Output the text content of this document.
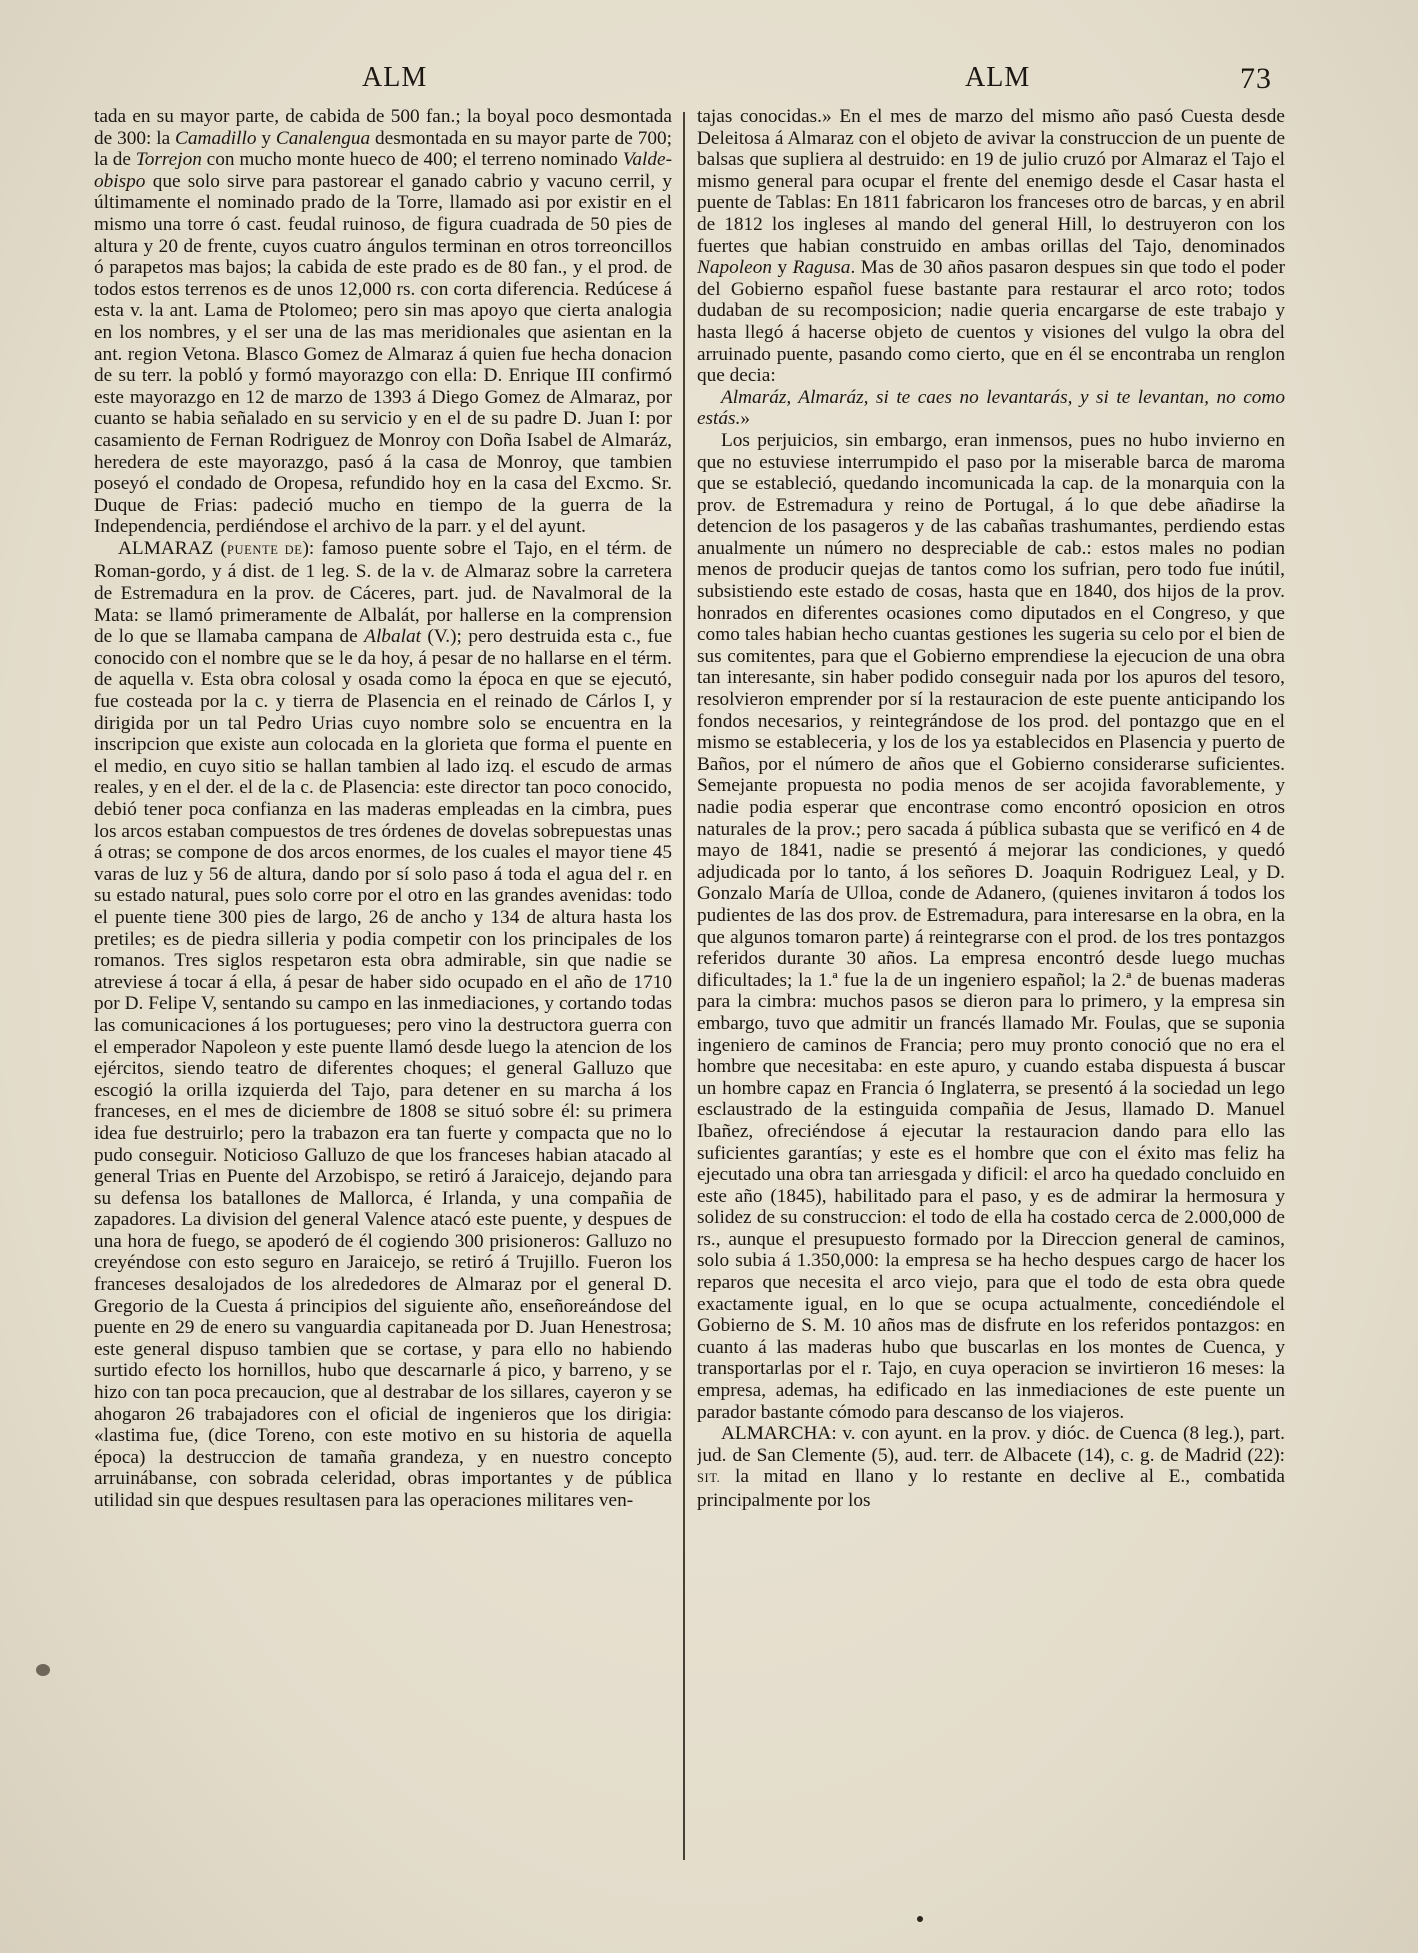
ALM	ALM	73

tada en su mayor parte, de cabida de 500 fan.; la boyal poco desmontada de 300: la Camadillo y Canalengua desmontada en su mayor parte de 700; la de Torrejon con mucho monte hueco de 400; el terreno nominado Valde-obispo que solo sirve para pastorear el ganado cabrio y vacuno cerril, y últimamente el nominado prado de la Torre, llamado asi por existir en el mismo una torre ó cast. feudal ruinoso, de figura cuadrada de 50 pies de altura y 20 de frente, cuyos cuatro ángulos terminan en otros torreoncillos ó parapetos mas bajos; la cabida de este prado es de 80 fan., y el prod. de todos estos terrenos es de unos 12,000 rs. con corta diferencia. Redúcese á esta v. la ant. Lama de Ptolomeo; pero sin mas apoyo que cierta analogia en los nombres, y el ser una de las mas meridionales que asientan en la ant. region Vetona. Blasco Gomez de Almaraz á quien fue hecha donacion de su terr. la pobló y formó mayorazgo con ella: D. Enrique III confirmó este mayorazgo en 12 de marzo de 1393 á Diego Gomez de Almaraz, por cuanto se habia señalado en su servicio y en el de su padre D. Juan I: por casamiento de Fernan Rodriguez de Monroy con Doña Isabel de Almaráz, heredera de este mayorazgo, pasó á la casa de Monroy, que tambien poseyó el condado de Oropesa, refundido hoy en la casa del Excmo. Sr. Duque de Frias: padeció mucho en tiempo de la guerra de la Independencia, perdiéndose el archivo de la parr. y el del ayunt.

ALMARAZ (PUENTE DE): famoso puente sobre el Tajo, en el térm. de Roman-gordo, y á dist. de 1 leg. S. de la v. de Almaraz sobre la carretera de Estremadura en la prov. de Cáceres, part. jud. de Navalmoral de la Mata: se llamó primeramente de Albalát, por hallerse en la comprension de lo que se llamaba campana de Albalat (V.); pero destruida esta c., fue conocido con el nombre que se le da hoy, á pesar de no hallarse en el térm. de aquella v. Esta obra colosal y osada como la época en que se ejecutó, fue costeada por la c. y tierra de Plasencia en el reinado de Cárlos I, y dirigida por un tal Pedro Urias cuyo nombre solo se encuentra en la inscripcion que existe aun colocada en la glorieta que forma el puente en el medio, en cuyo sitio se hallan tambien al lado izq. el escudo de armas reales, y en el der. el de la c. de Plasencia: este director tan poco conocido, debió tener poca confianza en las maderas empleadas en la cimbra, pues los arcos estaban compuestos de tres órdenes de dovelas sobrepuestas unas á otras; se compone de dos arcos enormes, de los cuales el mayor tiene 45 varas de luz y 56 de altura, dando por sí solo paso á toda el agua del r. en su estado natural, pues solo corre por el otro en las grandes avenidas: todo el puente tiene 300 pies de largo, 26 de ancho y 134 de altura hasta los pretiles; es de piedra silleria y podia competir con los principales de los romanos. Tres siglos respetaron esta obra admirable, sin que nadie se atreviese á tocar á ella, á pesar de haber sido ocupado en el año de 1710 por D. Felipe V, sentando su campo en las inmediaciones, y cortando todas las comunicaciones á los portugueses; pero vino la destructora guerra con el emperador Napoleon y este puente llamó desde luego la atencion de los ejércitos, siendo teatro de diferentes choques; el general Galluzo que escogió la orilla izquierda del Tajo, para detener en su marcha á los franceses, en el mes de diciembre de 1808 se situó sobre él: su primera idea fue destruirlo; pero la trabazon era tan fuerte y compacta que no lo pudo conseguir. Noticioso Galluzo de que los franceses habian atacado al general Trias en Puente del Arzobispo, se retiró á Jaraicejo, dejando para su defensa los batallones de Mallorca, é Irlanda, y una compañia de zapadores. La division del general Valence atacó este puente, y despues de una hora de fuego, se apoderó de él cogiendo 300 prisioneros: Galluzo no creyéndose con esto seguro en Jaraicejo, se retiró á Trujillo. Fueron los franceses desalojados de los alrededores de Almaraz por el general D. Gregorio de la Cuesta á principios del siguiente año, enseñoreándose del puente en 29 de enero su vanguardia capitaneada por D. Juan Henestrosa; este general dispuso tambien que se cortase, y para ello no habiendo surtido efecto los hornillos, hubo que descarnarle á pico, y barreno, y se hizo con tan poca precaucion, que al destrabar de los sillares, cayeron y se ahogaron 26 trabajadores con el oficial de ingenieros que los dirigia: «lastima fue, (dice Toreno, con este motivo en su historia de aquella época) la destruccion de tamaña grandeza, y en nuestro concepto arruinábanse, con sobrada celeridad, obras importantes y de pública utilidad sin que despues resultasen para las operaciones militares ven-

tajas conocidas.» En el mes de marzo del mismo año pasó Cuesta desde Deleitosa á Almaraz con el objeto de avivar la construccion de un puente de balsas que supliera al destruido: en 19 de julio cruzó por Almaraz el Tajo el mismo general para ocupar el frente del enemigo desde el Casar hasta el puente de Tablas: En 1811 fabricaron los franceses otro de barcas, y en abril de 1812 los ingleses al mando del general Hill, lo destruyeron con los fuertes que habian construido en ambas orillas del Tajo, denominados Napoleon y Ragusa. Mas de 30 años pasaron despues sin que todo el poder del Gobierno español fuese bastante para restaurar el arco roto; todos dudaban de su recomposicion; nadie queria encargarse de este trabajo y hasta llegó á hacerse objeto de cuentos y visiones del vulgo la obra del arruinado puente, pasando como cierto, que en él se encontraba un renglon que decia:

Almaráz, Almaráz, si te caes no levantarás, y si te levantan, no como estás.»

Los perjuicios, sin embargo, eran inmensos, pues no hubo invierno en que no estuviese interrumpido el paso por la miserable barca de maroma que se estableció, quedando incomunicada la cap. de la monarquia con la prov. de Estremadura y reino de Portugal, á lo que debe añadirse la detencion de los pasageros y de las cabañas trashumantes, perdiendo estas anualmente un número no despreciable de cab.: estos males no podian menos de producir quejas de tantos como los sufrian, pero todo fue inútil, subsistiendo este estado de cosas, hasta que en 1840, dos hijos de la prov. honrados en diferentes ocasiones como diputados en el Congreso, y que como tales habian hecho cuantas gestiones les sugeria su celo por el bien de sus comitentes, para que el Gobierno emprendiese la ejecucion de una obra tan interesante, sin haber podido conseguir nada por los apuros del tesoro, resolvieron emprender por sí la restauracion de este puente anticipando los fondos necesarios, y reintegrándose de los prod. del pontazgo que en el mismo se estableceria, y los de los ya establecidos en Plasencia y puerto de Baños, por el número de años que el Gobierno considerarse suficientes. Semejante propuesta no podia menos de ser acojida favorablemente, y nadie podia esperar que encontrase como encontró oposicion en otros naturales de la prov.; pero sacada á pública subasta que se verificó en 4 de mayo de 1841, nadie se presentó á mejorar las condiciones, y quedó adjudicada por lo tanto, á los señores D. Joaquin Rodriguez Leal, y D. Gonzalo María de Ulloa, conde de Adanero, (quienes invitaron á todos los pudientes de las dos prov. de Estremadura, para interesarse en la obra, en la que algunos tomaron parte) á reintegrarse con el prod. de los tres pontazgos referidos durante 30 años. La empresa encontró desde luego muchas dificultades; la 1.ª fue la de un ingeniero español; la 2.ª de buenas maderas para la cimbra: muchos pasos se dieron para lo primero, y la empresa sin embargo, tuvo que admitir un francés llamado Mr. Foulas, que se suponia ingeniero de caminos de Francia; pero muy pronto conoció que no era el hombre que necesitaba: en este apuro, y cuando estaba dispuesta á buscar un hombre capaz en Francia ó Inglaterra, se presentó á la sociedad un lego esclaustrado de la estinguida compañia de Jesus, llamado D. Manuel Ibañez, ofreciéndose á ejecutar la restauracion dando para ello las suficientes garantías; y este es el hombre que con el éxito mas feliz ha ejecutado una obra tan arriesgada y dificil: el arco ha quedado concluido en este año (1845), habilitado para el paso, y es de admirar la hermosura y solidez de su construccion: el todo de ella ha costado cerca de 2.000,000 de rs., aunque el presupuesto formado por la Direccion general de caminos, solo subia á 1.350,000: la empresa se ha hecho despues cargo de hacer los reparos que necesita el arco viejo, para que el todo de esta obra quede exactamente igual, en lo que se ocupa actualmente, concediéndole el Gobierno de S. M. 10 años mas de disfrute en los referidos pontazgos: en cuanto á las maderas hubo que buscarlas en los montes de Cuenca, y transportarlas por el r. Tajo, en cuya operacion se invirtieron 16 meses: la empresa, ademas, ha edificado en las inmediaciones de este puente un parador bastante cómodo para descanso de los viajeros.

ALMARCHA: v. con ayunt. en la prov. y dióc. de Cuenca (8 leg.), part. jud. de San Clemente (5), aud. terr. de Albacete (14), c. g. de Madrid (22): SIT. la mitad en llano y lo restante en declive al E., combatida principalmente por los
